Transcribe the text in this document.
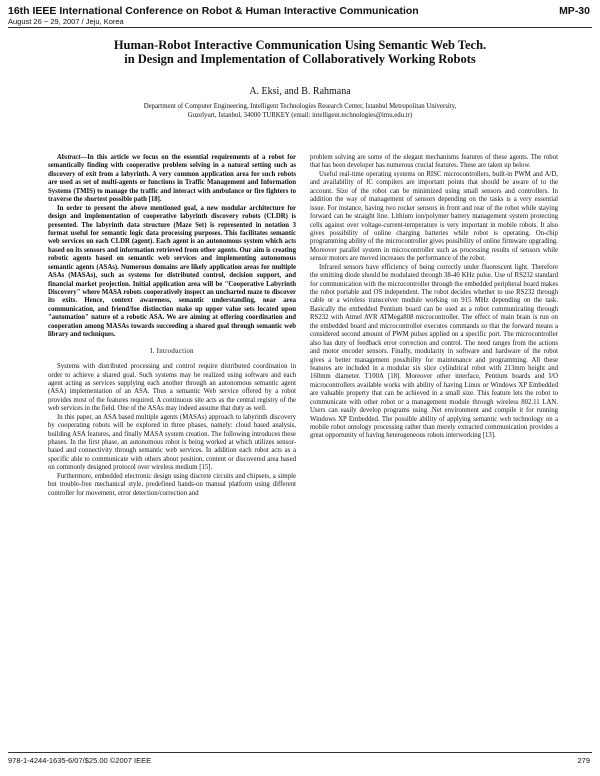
16th IEEE International Conference on Robot & Human Interactive Communication
August 26 ~ 29, 2007 / Jeju, Korea
MP-30
Human-Robot Interactive Communication Using Semantic Web Tech.
in Design and Implementation of Collaboratively Working Robots
A. Eksi, and B. Rahmana
Department of Computer Engineering, Intelligent Technologies Research Center, Istanbul Metropolitan University,
Guzelyurt, Istanbul, 34000 TURKEY (email: intelligent.technologies@imu.edu.tr)

Abstract—In this article we focus on the essential requirements of a robot for semantically finding with cooperative problem solving in a natural setting such as discovery of exit from a labyrinth. A very common application area for such robots are used as set of multi-agents or functions in Traffic Management and Information Systems (TMIS) to manage the traffic and interact with ambulance or fire fighters to traverse the shortest possible path [18].

In order to present the above mentioned goal, a new modular architecture for design and implementation of cooperative labyrinth discovery robots (CLDR) is presented. The labyrinth data structure (Maze Set) is represented in notation 3 format useful for semantic logic data processing purposes. This facilitates semantic web services on each CLDR (agent). Each agent is an autonomous system which acts based on its sensors and information retrieved from other agents. Our aim is creating robotic agents based on semantic web services and implementing autonomous semantic agents (ASAs). Numerous domains are likely application areas for multiple ASAs (MASAs), such as systems for distributed control, decision support, and financial market projection. Initial application area will be "Cooperative Labyrinth Discovery" where MASA robots cooperatively inspect an uncharted maze to discover its exits. Hence, context awareness, semantic understanding, near area communication, and friend/foe distinction make up upper value sets located upon "automation" nature of a robotic ASA. We are aiming at offering coordination and cooperation among MASAs towards succeeding a shared goal through semantic web library and techniques.

I. Introduction

Systems with distributed processing and control require distributed coordination in order to achieve a shared goal. Such systems may be realized using software and each agent acting as services supplying each another through an autonomous semantic agent (ASA) implementation of an ASA. Thus a semantic Web service offered by a robot provides most of the features required. A continuous site acts as the central registry of the web services in the field. One of the ASAs may indeed assume that duty as well.

In this paper, an ASA based multiple agents (MASAs) approach to labyrinth discovery by cooperating robots will be explored in three phases, namely: cloud based analysis, building ASA features, and finally MASA system creation. The following introduces these phases. In the first phase, an autonomous robot is being worked at which utilizes sensor-based and connectivity through semantic web services. In addition each robot acts as a specific able to communicate with others about position, content or discovered area based on commonly designed protocol over wireless medium [15].

Furthermore, embedded electronic design using discrete circuits and chipsets, a simple but trouble-free mechanical style, predefined hands-on manual platform using different controller for movement, error detection/correction and

problem solving are some of the elegant mechanisms features of these agents. The robot that has been developer has numerous crucial features. These are taken up below.

Useful real-time operating systems on RISC microcontrollers, built-in PWM and A/D, and availability of IC compilers are important points that should be aware of to the account. Size of the robot can be minimized using small sensors and controllers. In addition the way of management of sensors depending on the tasks is a very essential issue. For instance, having two rocker sensors in front and rear of the robot while staying forward can be straight line. Lithium ion/polymer battery management system protecting cells against over voltage-current-temperature is very important in mobile robots. It also gives possibility of online charging batteries while robot is operating. On-chip programming ability of the microcontroller gives possibility of online firmware upgrading. Moreover parallel system in microcontroller such as processing results of sensors while sensor motors are moved increases the performance of the robot.

Infrared sensors have efficiency of being correctly under fluorescent light. Therefore the emitting diode should be modulated through 38-40 KHz pulse. Use of RS232 standard for communication with the microcontroller through the embedded peripheral board makes the robot portable and OS independent. The robot decides whether to use RS232 through cable or a wireless transceiver module working on 915 MHz depending on the task. Basically the embedded Pentium board can be used as a robot communicating through RS232 with Atmel AVR ATMega808 microcontroller. The effect of main brain is run on the embedded board and microcontroller executes commands so that the forward means a considered second amount of PWM pulses applied on a specific port. The microcontroller also has duty of feedback error correction and control. The need ranges from the actions and motor encoder sensors. Finally, modularity in software and hardware of the robot gives a better management possibility for maintenance and programming. All these features are included in a modular six slice cylindrical robot with 213mm height and 160mm diameter. T100A [18]. Moreover other interface, Pentium boards and I/O microcontrollers available works with ability of having Linux or Windows XP Embedded are valuable property that can be achieved in a small size. This feature lets the robot to communicate with other robot or a management module through wireless 802.11 LAN. Users can easily develop programs using .Net environment and compile it for running Windows XP Embedded. The possible ability of applying semantic web technology on a mobile robot ontology processing rather than merely extracted communication provides a great opportunity of having heterogeneous robots interworking [13].

978-1-4244-1635-6/07/$25.00 ©2007 IEEE	279
